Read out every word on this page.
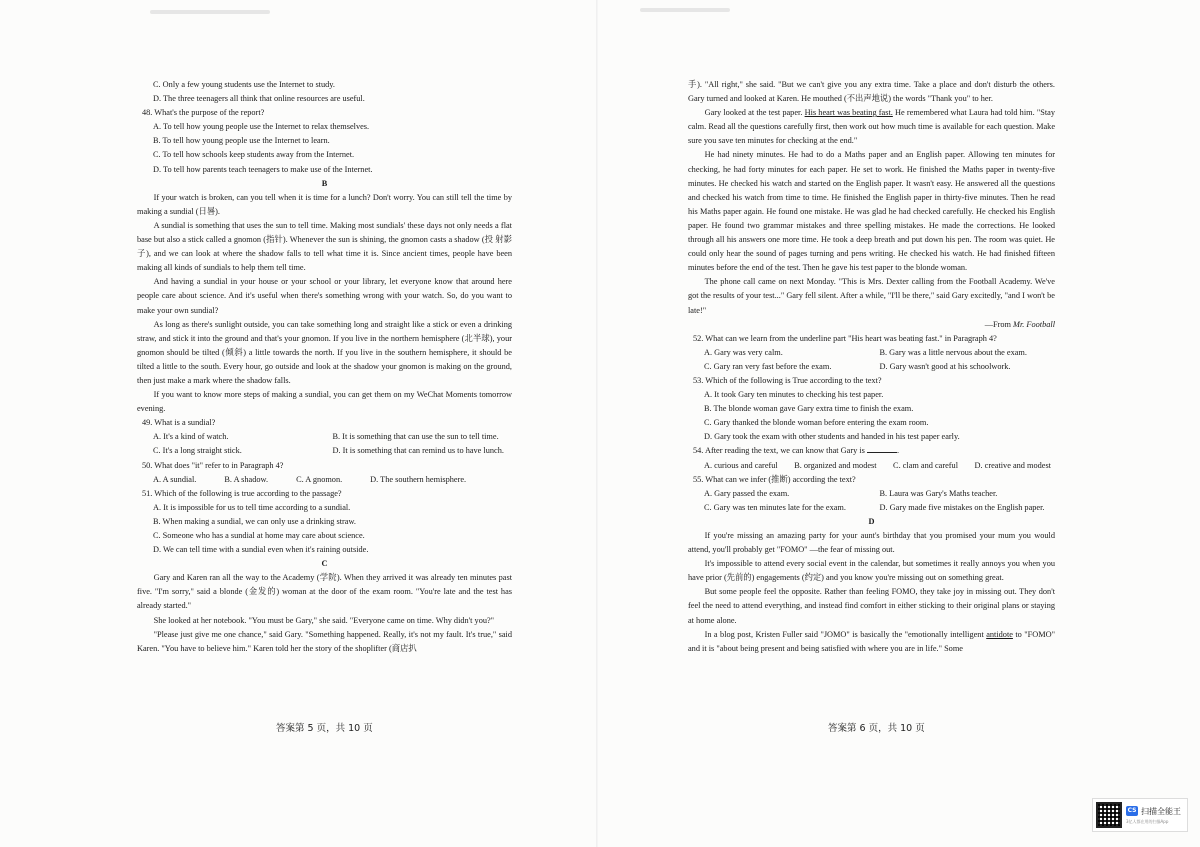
C. Only a few young students use the Internet to study.
D. The three teenagers all think that online resources are useful.
48. What's the purpose of the report?
A. To tell how young people use the Internet to relax themselves.
B. To tell how young people use the Internet to learn.
C. To tell how schools keep students away from the Internet.
D. To tell how parents teach teenagers to make use of the Internet.
B
If your watch is broken, can you tell when it is time for a lunch? Don't worry. You can still tell the time by making a sundial (日晷).
A sundial is something that uses the sun to tell time. Making most sundials' these days not only needs a flat base but also a stick called a gnomon (指针). Whenever the sun is shining, the gnomon casts a shadow (投 射影子), and we can look at where the shadow falls to tell what time it is. Since ancient times, people have been making all kinds of sundials to help them tell time.
And having a sundial in your house or your school or your library, let everyone know that around here people care about science. And it's useful when there's something wrong with your watch. So, do you want to make your own sundial?
As long as there's sunlight outside, you can take something long and straight like a stick or even a drinking straw, and stick it into the ground and that's your gnomon. If you live in the northern hemisphere (北半球), your gnomon should be tilted (倾斜) a little towards the north. If you live in the southern hemisphere, it should be tilted a little to the south. Every hour, go outside and look at the shadow your gnomon is making on the ground, then just make a mark where the shadow falls.
If you want to know more steps of making a sundial, you can get them on my WeChat Moments tomorrow evening.
49. What is a sundial?
A. It's a kind of watch.	B. It is something that can use the sun to tell time.
C. It's a long straight stick.	D. It is something that can remind us to have lunch.
50. What does "it" refer to in Paragraph 4?
A. A sundial.	B. A shadow.	C. A gnomon.	D. The southern hemisphere.
51. Which of the following is true according to the passage?
A. It is impossible for us to tell time according to a sundial.
B. When making a sundial, we can only use a drinking straw.
C. Someone who has a sundial at home may care about science.
D. We can tell time with a sundial even when it's raining outside.
C
Gary and Karen ran all the way to the Academy (学院). When they arrived it was already ten minutes past five. "I'm sorry," said a blonde (金发的) woman at the door of the exam room. "You're late and the test has already started."
She looked at her notebook. "You must be Gary," she said. "Everyone came on time. Why didn't you?"
"Please just give me one chance," said Gary. "Something happened. Really, it's not my fault. It's true," said Karen. "You have to believe him." Karen told her the story of the shoplifter (商店扒
答案第 5 页，共 10 页
手). "All right," she said. "But we can't give you any extra time. Take a place and don't disturb the others. Gary turned and looked at Karen. He mouthed (不出声地说) the words "Thank you" to her.
Gary looked at the test paper. His heart was beating fast. He remembered what Laura had told him. "Stay calm. Read all the questions carefully first, then work out how much time is available for each question. Make sure you save ten minutes for checking at the end."
He had ninety minutes. He had to do a Maths paper and an English paper. Allowing ten minutes for checking, he had forty minutes for each paper. He set to work. He finished the Maths paper in twenty-five minutes. He checked his watch and started on the English paper. It wasn't easy. He answered all the questions and checked his watch from time to time. He finished the English paper in thirty-five minutes. Then he read his Maths paper again. He found one mistake. He was glad he had checked carefully. He checked his English paper. He found two grammar mistakes and three spelling mistakes. He made the corrections. He looked through all his answers one more time. He took a deep breath and put down his pen. The room was quiet. He could only hear the sound of pages turning and pens writing. He checked his watch. He had finished fifteen minutes before the end of the test. Then he gave his test paper to the blonde woman.
The phone call came on next Monday. "This is Mrs. Dexter calling from the Football Academy. We've got the results of your test..." Gary fell silent. After a while, "I'll be there," said Gary excitedly, "and I won't be late!"
—From Mr. Football
52. What can we learn from the underline part "His heart was beating fast." in Paragraph 4?
A. Gary was very calm.	B. Gary was a little nervous about the exam.
C. Gary ran very fast before the exam.	D. Gary wasn't good at his schoolwork.
53. Which of the following is True according to the text?
A. It took Gary ten minutes to checking his test paper.
B. The blonde woman gave Gary extra time to finish the exam.
C. Gary thanked the blonde woman before entering the exam room.
D. Gary took the exam with other students and handed in his test paper early.
54. After reading the text, we can know that Gary is	.
A. curious and careful B. organized and modest C. clam and careful D. creative and modest
55. What can we infer (推断) according the text?
A. Gary passed the exam.	B. Laura was Gary's Maths teacher.
C. Gary was ten minutes late for the exam.	D. Gary made five mistakes on the English paper.
D
If you're missing an amazing party for your aunt's birthday that you promised your mum you would attend, you'll probably get "FOMO" —the fear of missing out.
It's impossible to attend every social event in the calendar, but sometimes it really annoys you when you have prior (先前的) engagements (约定) and you know you're missing out on something great.
But some people feel the opposite. Rather than feeling FOMO, they take joy in missing out. They don't feel the need to attend everything, and instead find comfort in either sticking to their original plans or staying at home alone.
In a blog post, Kristen Fuller said "JOMO" is basically the "emotionally intelligent antidote to "FOMO" and it is "about being present and being satisfied with where you are in life." Some
答案第 6 页，共 10 页
CS 扫描全能王
3亿人都在用的扫描App
